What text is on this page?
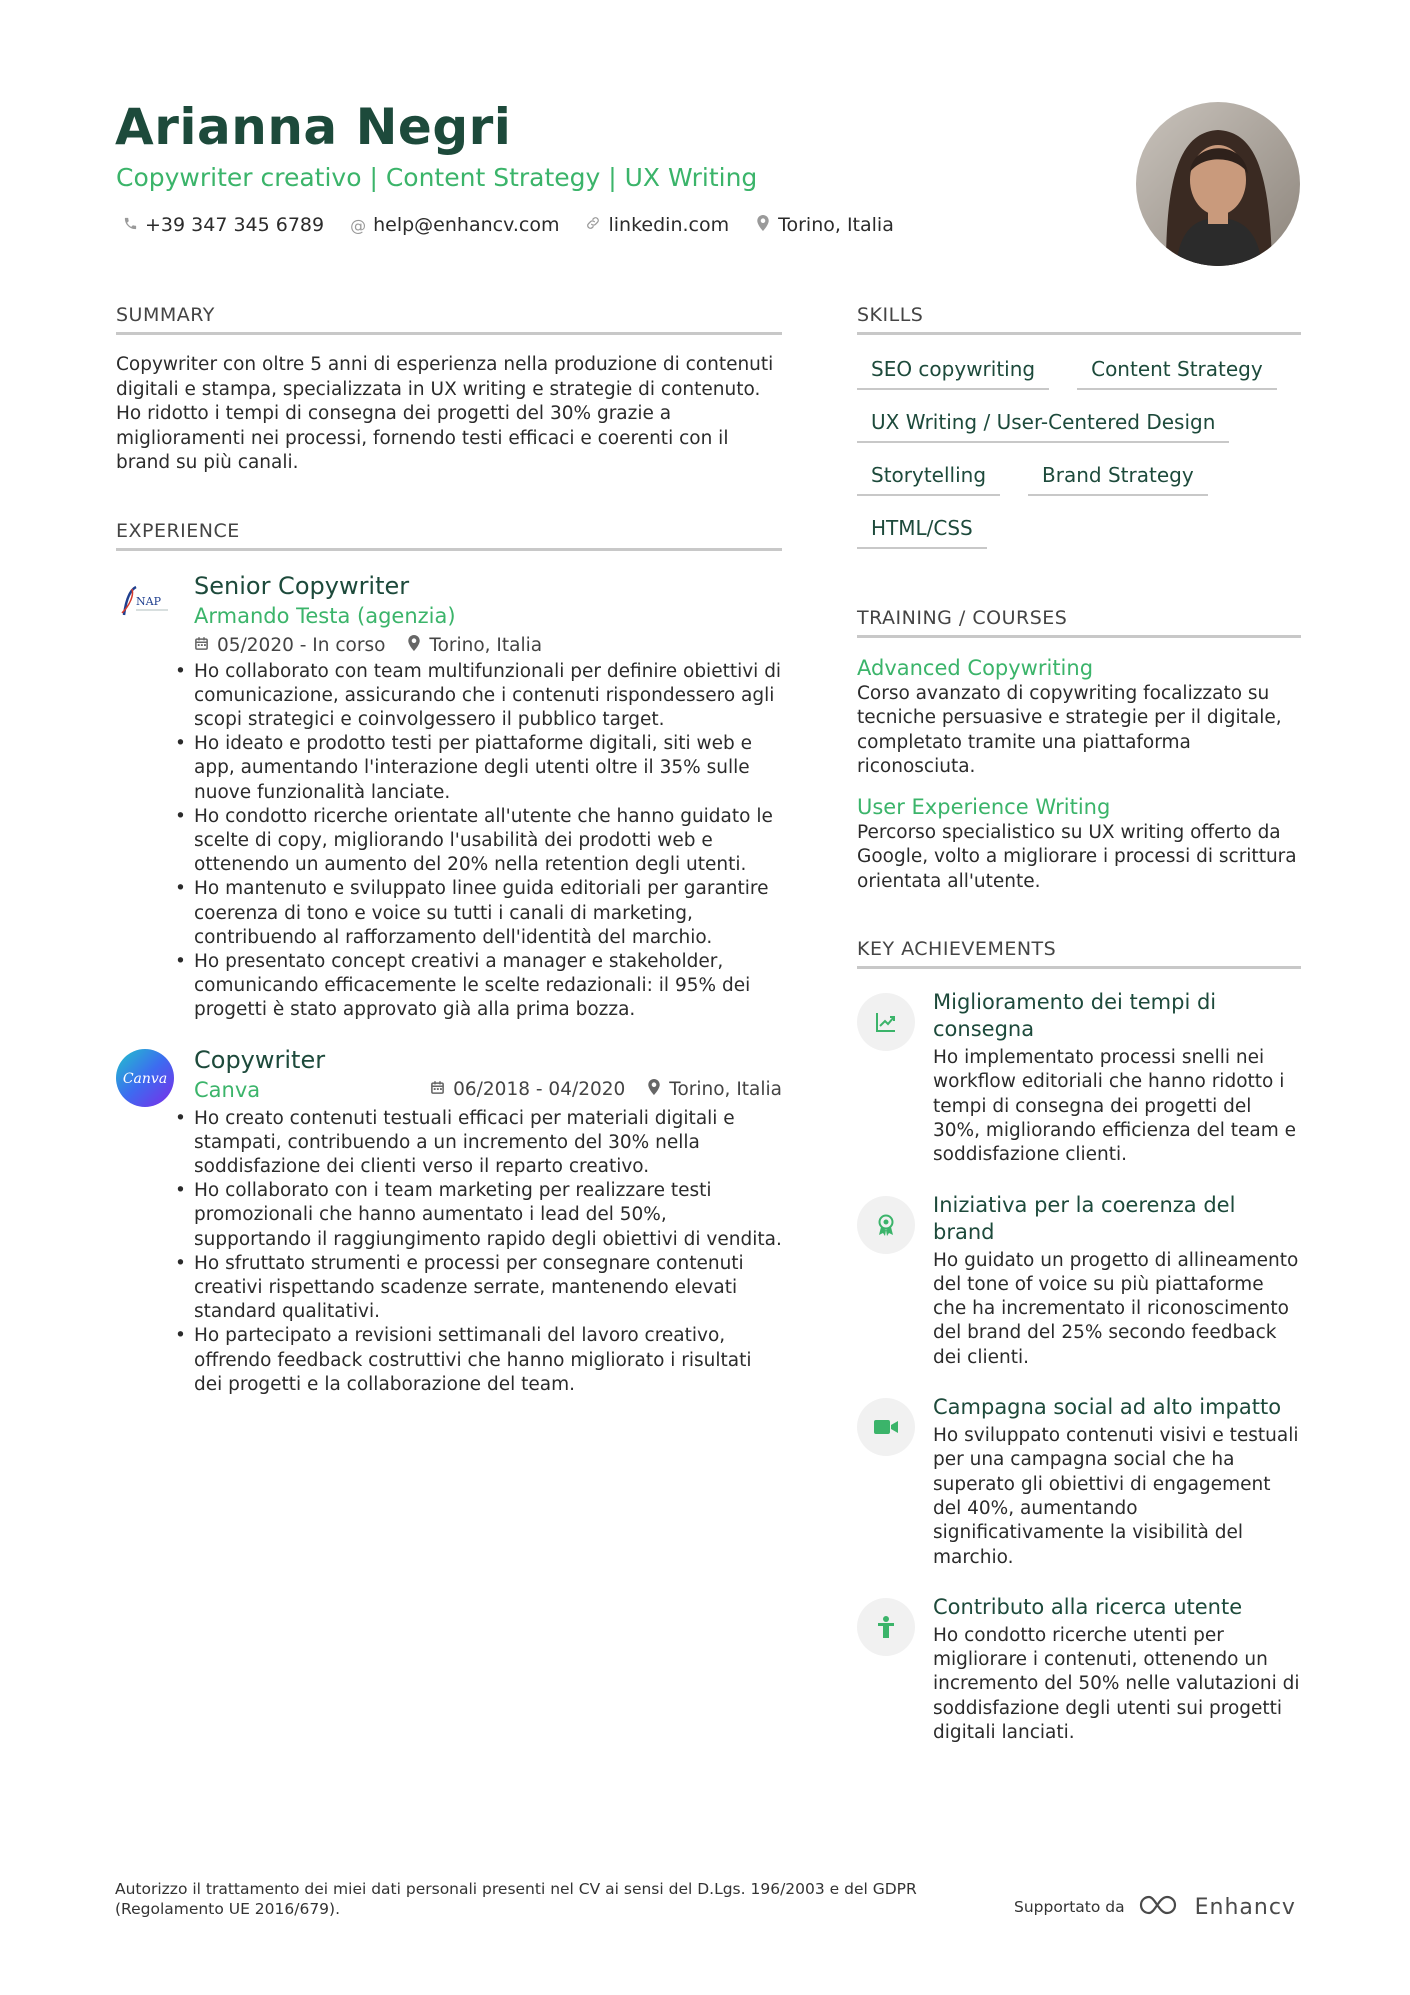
Arianna Negri
Copywriter creativo | Content Strategy | UX Writing
+39 347 345 6789 @ help@enhancv.com	linkedin.com	Torino, Italia
SUMMARY
Copywriter con oltre 5 anni di esperienza nella produzione di contenuti digitali e stampa, specializzata in UX writing e strategie di contenuto. Ho ridotto i tempi di consegna dei progetti del 30% grazie a miglioramenti nei processi, fornendo testi efficaci e coerenti con il brand su più canali.
EXPERIENCE
NAP
Senior Copywriter
Armando Testa (agenzia)
05/2020 - In corso Torino, Italia
• Ho collaborato con team multifunzionali per definire obiettivi di comunicazione, assicurando che i contenuti rispondessero agli scopi strategici e coinvolgessero il pubblico target.
• Ho ideato e prodotto testi per piattaforme digitali, siti web e app, aumentando l'interazione degli utenti oltre il 35% sulle nuove funzionalità lanciate.
• Ho condotto ricerche orientate all'utente che hanno guidato le scelte di copy, migliorando l'usabilità dei prodotti web e ottenendo un aumento del 20% nella retention degli utenti.
• Ho mantenuto e sviluppato linee guida editoriali per garantire coerenza di tono e voice su tutti i canali di marketing, contribuendo al rafforzamento dell'identità del marchio.
• Ho presentato concept creativi a manager e stakeholder, comunicando efficacemente le scelte redazionali: il 95% dei progetti è stato approvato già alla prima bozza.
Canva
Copywriter
Canva	06/2018 - 04/2020 Torino, Italia
• Ho creato contenuti testuali efficaci per materiali digitali e stampati, contribuendo a un incremento del 30% nella soddisfazione dei clienti verso il reparto creativo.
• Ho collaborato con i team marketing per realizzare testi promozionali che hanno aumentato i lead del 50%, supportando il raggiungimento rapido degli obiettivi di vendita.
• Ho sfruttato strumenti e processi per consegnare contenuti creativi rispettando scadenze serrate, mantenendo elevati standard qualitativi.
• Ho partecipato a revisioni settimanali del lavoro creativo, offrendo feedback costruttivi che hanno migliorato i risultati dei progetti e la collaborazione del team.
SKILLS
SEO copywriting	Content Strategy
UX Writing / User-Centered Design
Storytelling	Brand Strategy
HTML/CSS
TRAINING / COURSES
Advanced Copywriting
Corso avanzato di copywriting focalizzato su tecniche persuasive e strategie per il digitale, completato tramite una piattaforma riconosciuta.
User Experience Writing
Percorso specialistico su UX writing offerto da Google, volto a migliorare i processi di scrittura orientata all'utente.
KEY ACHIEVEMENTS
Miglioramento dei tempi di consegna
Ho implementato processi snelli nei workflow editoriali che hanno ridotto i tempi di consegna dei progetti del 30%, migliorando efficienza del team e soddisfazione clienti.
Iniziativa per la coerenza del brand
Ho guidato un progetto di allineamento del tone of voice su più piattaforme che ha incrementato il riconoscimento del brand del 25% secondo feedback dei clienti.
Campagna social ad alto impatto
Ho sviluppato contenuti visivi e testuali per una campagna social che ha superato gli obiettivi di engagement del 40%, aumentando significativamente la visibilità del marchio.
Contributo alla ricerca utente
Ho condotto ricerche utenti per migliorare i contenuti, ottenendo un incremento del 50% nelle valutazioni di soddisfazione degli utenti sui progetti digitali lanciati.
Autorizzo il trattamento dei miei dati personali presenti nel CV ai sensi del D.Lgs. 196/2003 e del GDPR (Regolamento UE 2016/679).	Supportato da	Enhancv
